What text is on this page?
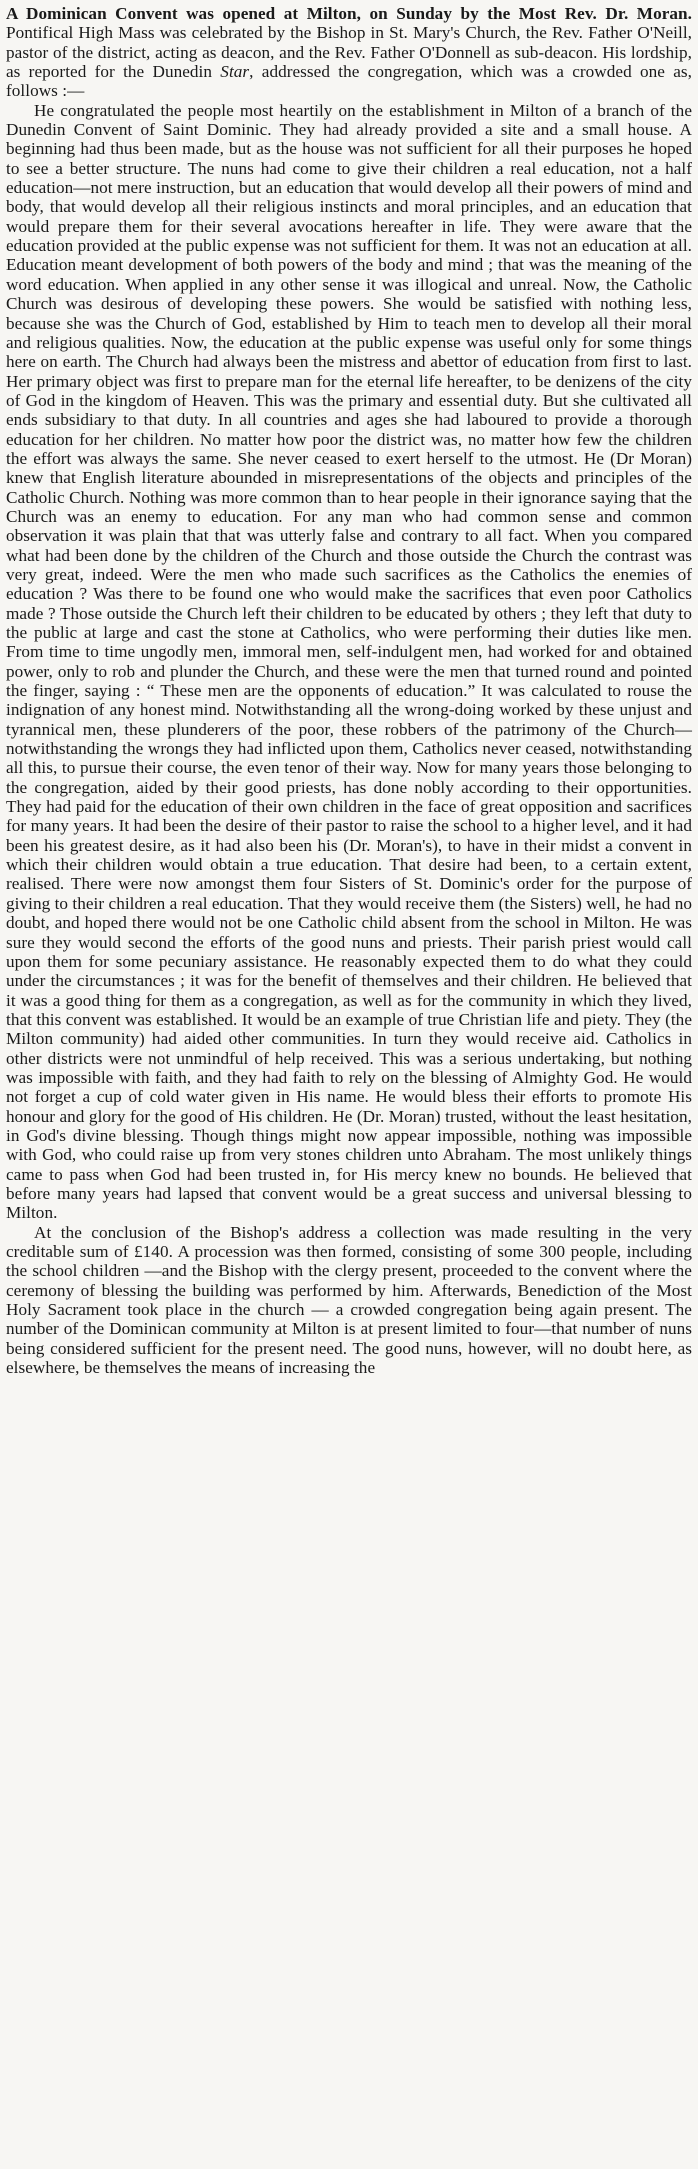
A Dominican Convent was opened at Milton, on Sunday by the Most Rev. Dr. Moran. Pontifical High Mass was celebrated by the Bishop in St. Mary's Church, the Rev. Father O'Neill, pastor of the district, acting as deacon, and the Rev. Father O'Donnell as sub-deacon. His lordship, as reported for the Dunedin Star, addressed the congregation, which was a crowded one as, follows :—

He congratulated the people most heartily on the establishment in Milton of a branch of the Dunedin Convent of Saint Dominic. They had already provided a site and a small house. A beginning had thus been made, but as the house was not sufficient for all their purposes he hoped to see a better structure. The nuns had come to give their children a real education, not a half education—not mere instruction, but an education that would develop all their powers of mind and body, that would develop all their religious instincts and moral principles, and an education that would prepare them for their several avocations hereafter in life. They were aware that the education provided at the public expense was not sufficient for them. It was not an education at all. Education meant development of both powers of the body and mind ; that was the meaning of the word education. When applied in any other sense it was illogical and unreal. Now, the Catholic Church was desirous of developing these powers. She would be satisfied with nothing less, because she was the Church of God, established by Him to teach men to develop all their moral and religious qualities. Now, the education at the public expense was useful only for some things here on earth. The Church had always been the mistress and abettor of education from first to last. Her primary object was first to prepare man for the eternal life hereafter, to be denizens of the city of God in the kingdom of Heaven. This was the primary and essential duty. But she cultivated all ends subsidiary to that duty. In all countries and ages she had laboured to provide a thorough education for her children. No matter how poor the district was, no matter how few the children the effort was always the same. She never ceased to exert herself to the utmost. He (Dr Moran) knew that English literature abounded in misrepresentations of the objects and principles of the Catholic Church. Nothing was more common than to hear people in their ignorance saying that the Church was an enemy to education. For any man who had common sense and common observation it was plain that that was utterly false and contrary to all fact. When you compared what had been done by the children of the Church and those outside the Church the contrast was very great, indeed. Were the men who made such sacrifices as the Catholics the enemies of education ? Was there to be found one who would make the sacrifices that even poor Catholics made ? Those outside the Church left their children to be educated by others ; they left that duty to the public at large and cast the stone at Catholics, who were performing their duties like men. From time to time ungodly men, immoral men, self-indulgent men, had worked for and obtained power, only to rob and plunder the Church, and these were the men that turned round and pointed the finger, saying : “ These men are the opponents of education.” It was calculated to rouse the indignation of any honest mind. Notwithstanding all the wrong-doing worked by these unjust and tyrannical men, these plunderers of the poor, these robbers of the patrimony of the Church—notwithstanding the wrongs they had inflicted upon them, Catholics never ceased, notwithstanding all this, to pursue their course, the even tenor of their way. Now for many years those belonging to the congregation, aided by their good priests, has done nobly according to their opportunities. They had paid for the education of their own children in the face of great opposition and sacrifices for many years. It had been the desire of their pastor to raise the school to a higher level, and it had been his greatest desire, as it had also been his (Dr. Moran's), to have in their midst a convent in which their children would obtain a true education. That desire had been, to a certain extent, realised. There were now amongst them four Sisters of St. Dominic's order for the purpose of giving to their children a real education. That they would receive them (the Sisters) well, he had no doubt, and hoped there would not be one Catholic child absent from the school in Milton. He was sure they would second the efforts of the good nuns and priests. Their parish priest would call upon them for some pecuniary assistance. He reasonably expected them to do what they could under the circumstances ; it was for the benefit of themselves and their children. He believed that it was a good thing for them as a congregation, as well as for the community in which they lived, that this convent was established. It would be an example of true Christian life and piety. They (the Milton community) had aided other communities. In turn they would receive aid. Catholics in other districts were not unmindful of help received. This was a serious undertaking, but nothing was impossible with faith, and they had faith to rely on the blessing of Almighty God. He would not forget a cup of cold water given in His name. He would bless their efforts to promote His honour and glory for the good of His children. He (Dr. Moran) trusted, without the least hesitation, in God's divine blessing. Though things might now appear impossible, nothing was impossible with God, who could raise up from very stones children unto Abraham. The most unlikely things came to pass when God had been trusted in, for His mercy knew no bounds. He believed that before many years had lapsed that convent would be a great success and universal blessing to Milton.

At the conclusion of the Bishop's address a collection was made resulting in the very creditable sum of £140. A procession was then formed, consisting of some 300 people, including the school children —and the Bishop with the clergy present, proceeded to the convent where the ceremony of blessing the building was performed by him. Afterwards, Benediction of the Most Holy Sacrament took place in the church — a crowded congregation being again present. The number of the Dominican community at Milton is at present limited to four—that number of nuns being considered sufficient for the present need. The good nuns, however, will no doubt here, as elsewhere, be themselves the means of increasing the
